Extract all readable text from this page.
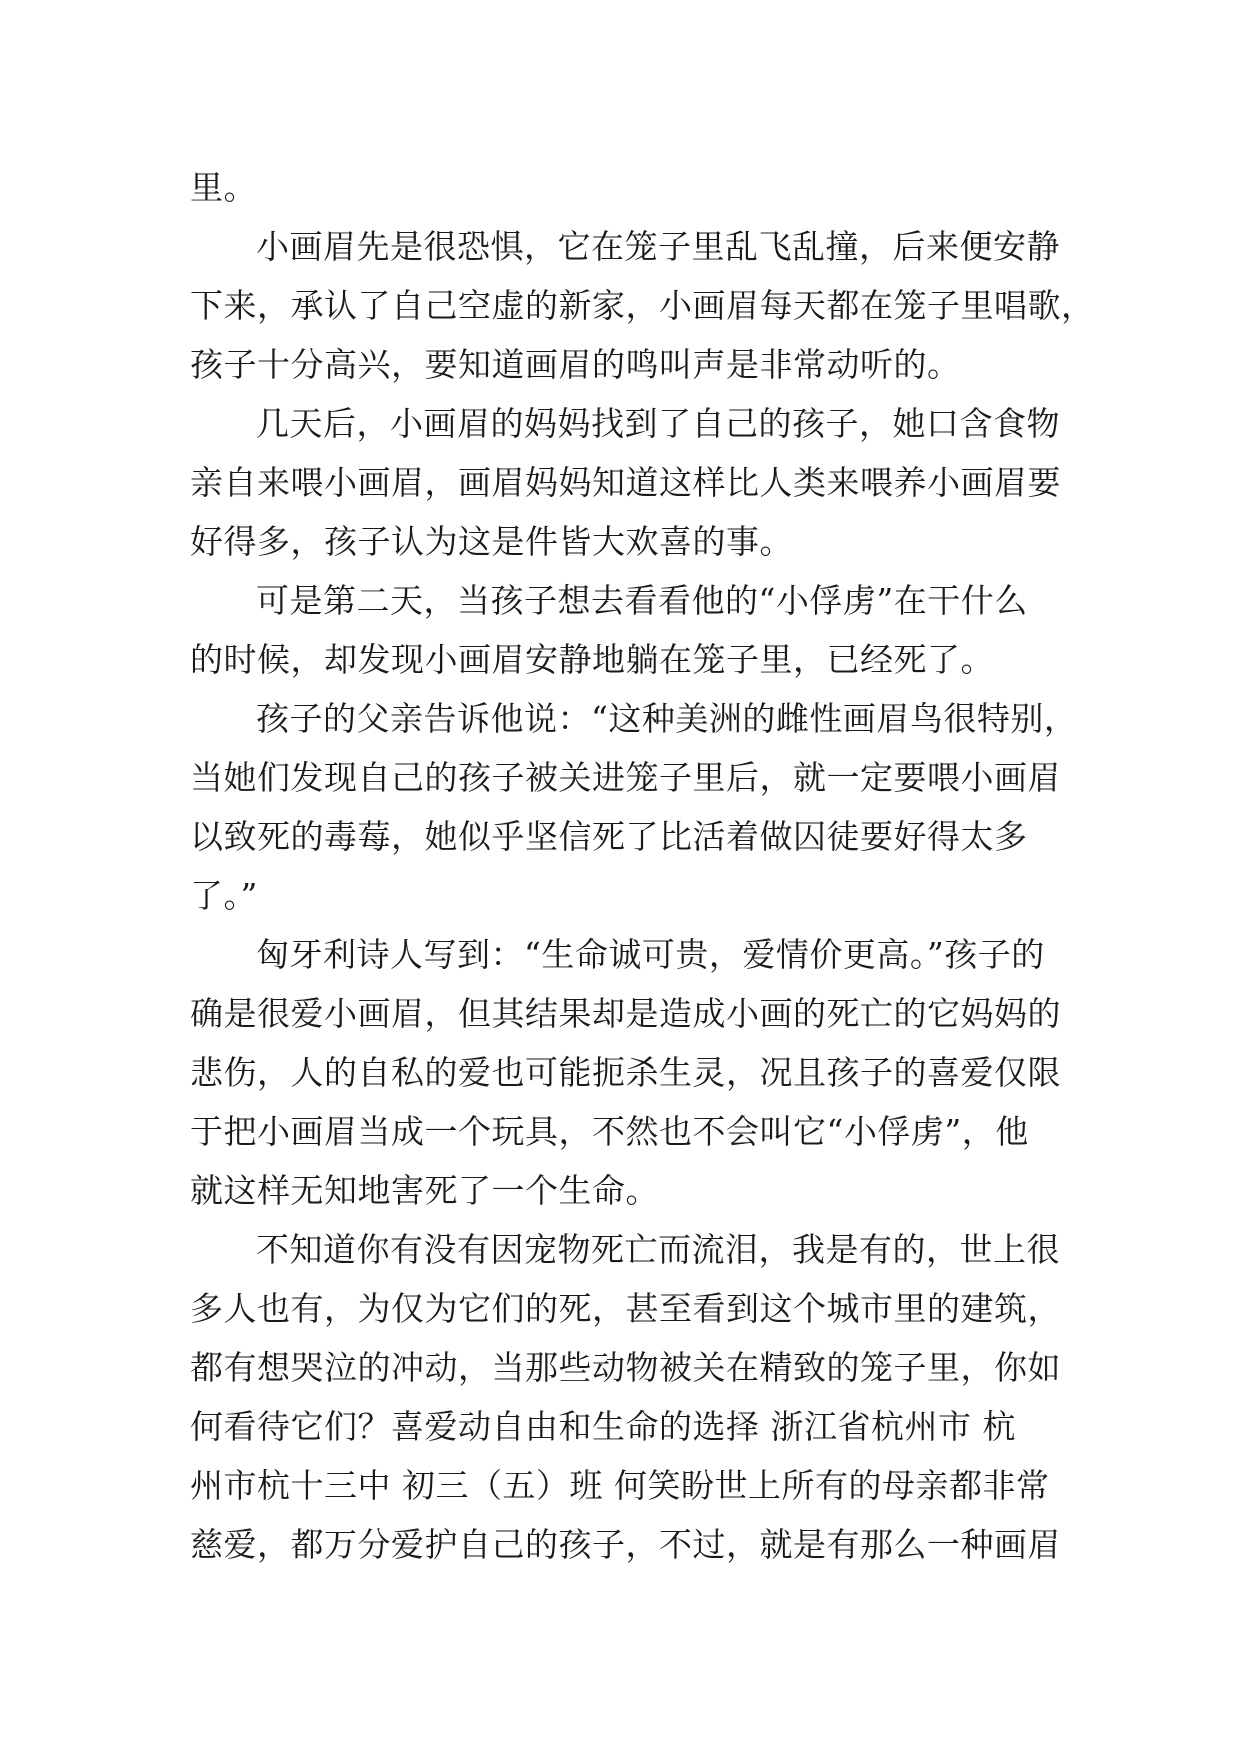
里。
小画眉先是很恐惧，它在笼子里乱飞乱撞，后来便安静
下来，承认了自己空虚的新家，小画眉每天都在笼子里唱歌，
孩子十分高兴，要知道画眉的鸣叫声是非常动听的。
几天后，小画眉的妈妈找到了自己的孩子，她口含食物
亲自来喂小画眉，画眉妈妈知道这样比人类来喂养小画眉要
好得多，孩子认为这是件皆大欢喜的事。
可是第二天，当孩子想去看看他的“小俘虏”在干什么
的时候，却发现小画眉安静地躺在笼子里，已经死了。
孩子的父亲告诉他说：“这种美洲的雌性画眉鸟很特别，
当她们发现自己的孩子被关进笼子里后，就一定要喂小画眉
以致死的毒莓，她似乎坚信死了比活着做囚徒要好得太多
了。”
匈牙利诗人写到：“生命诚可贵，爱情价更高。”孩子的
确是很爱小画眉，但其结果却是造成小画的死亡的它妈妈的
悲伤，人的自私的爱也可能扼杀生灵，况且孩子的喜爱仅限
于把小画眉当成一个玩具，不然也不会叫它“小俘虏”，他
就这样无知地害死了一个生命。
不知道你有没有因宠物死亡而流泪，我是有的，世上很
多人也有，为仅为它们的死，甚至看到这个城市里的建筑，
都有想哭泣的冲动，当那些动物被关在精致的笼子里，你如
何看待它们？喜爱动自由和生命的选择 浙江省杭州市 杭
州市杭十三中 初三（五）班 何笑盼世上所有的母亲都非常
慈爱，都万分爱护自己的孩子，不过，就是有那么一种画眉
